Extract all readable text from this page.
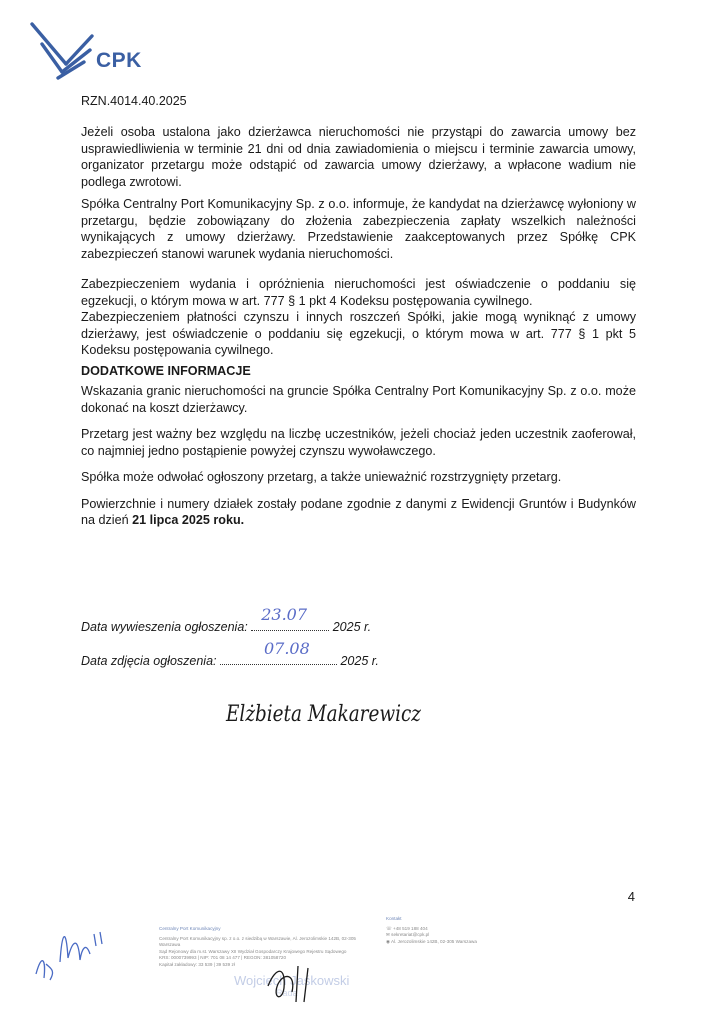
CPK
RZN.4014.40.2025

Jeżeli osoba ustalona jako dzierżawca nieruchomości nie przystąpi do zawarcia umowy bez usprawiedliwienia w terminie 21 dni od dnia zawiadomienia o miejscu i terminie zawarcia umowy, organizator przetargu może odstąpić od zawarcia umowy dzierżawy, a wpłacone wadium nie podlega zwrotowi.

Spółka Centralny Port Komunikacyjny Sp. z o.o. informuje, że kandydat na dzierżawcę wyłoniony w przetargu, będzie zobowiązany do złożenia zabezpieczenia zapłaty wszelkich należności wynikających z umowy dzierżawy. Przedstawienie zaakceptowanych przez Spółkę CPK zabezpieczeń stanowi warunek wydania nieruchomości.

Zabezpieczeniem wydania i opróżnienia nieruchomości jest oświadczenie o poddaniu się egzekucji, o którym mowa w art. 777 § 1 pkt 4 Kodeksu postępowania cywilnego.

Zabezpieczeniem płatności czynszu i innych roszczeń Spółki, jakie mogą wyniknąć z umowy dzierżawy, jest oświadczenie o poddaniu się egzekucji, o którym mowa w art. 777 § 1 pkt 5 Kodeksu postępowania cywilnego.

DODATKOWE INFORMACJE

Wskazania granic nieruchomości na gruncie Spółka Centralny Port Komunikacyjny Sp. z o.o. może dokonać na koszt dzierżawcy.

Przetarg jest ważny bez względu na liczbę uczestników, jeżeli chociaż jeden uczestnik zaoferował, co najmniej jedno postąpienie powyżej czynszu wywoławczego.

Spółka może odwołać ogłoszony przetarg, a także unieważnić rozstrzygnięty przetarg.

Powierzchnie i numery działek zostały podane zgodnie z danymi z Ewidencji Gruntów i Budynków na dzień 21 lipca 2025 roku.

Data wywieszenia ogłoszenia:
23.07
2025 r.
Data zdjęcia ogłoszenia:
07.08
2025 r.
Elżbieta Makarewicz
4
Centralny Port Komunikacyjny
Centralny Port Komunikacyjny sp. z o.o. z siedzibą w Warszawie, Al. Jerozolimskie 142B, 02-305 Warszawa
Sąd Rejonowy dla m.st. Warszawy XII Wydział Gospodarczy Krajowego Rejestru Sądowego
KRS: 0000739993 | NIP: 701 08 14 477 | REGON: 381058720
Kapitał zakładowy: 33 539 | 39 539 zł
Kontakt
☏ +48 519 188 404
✉ sekretariat@cpk.pl
◉ Al. Jerozolimskie 142B, 02-305 Warszawa
Wojciech Jaśkowski
Rada
